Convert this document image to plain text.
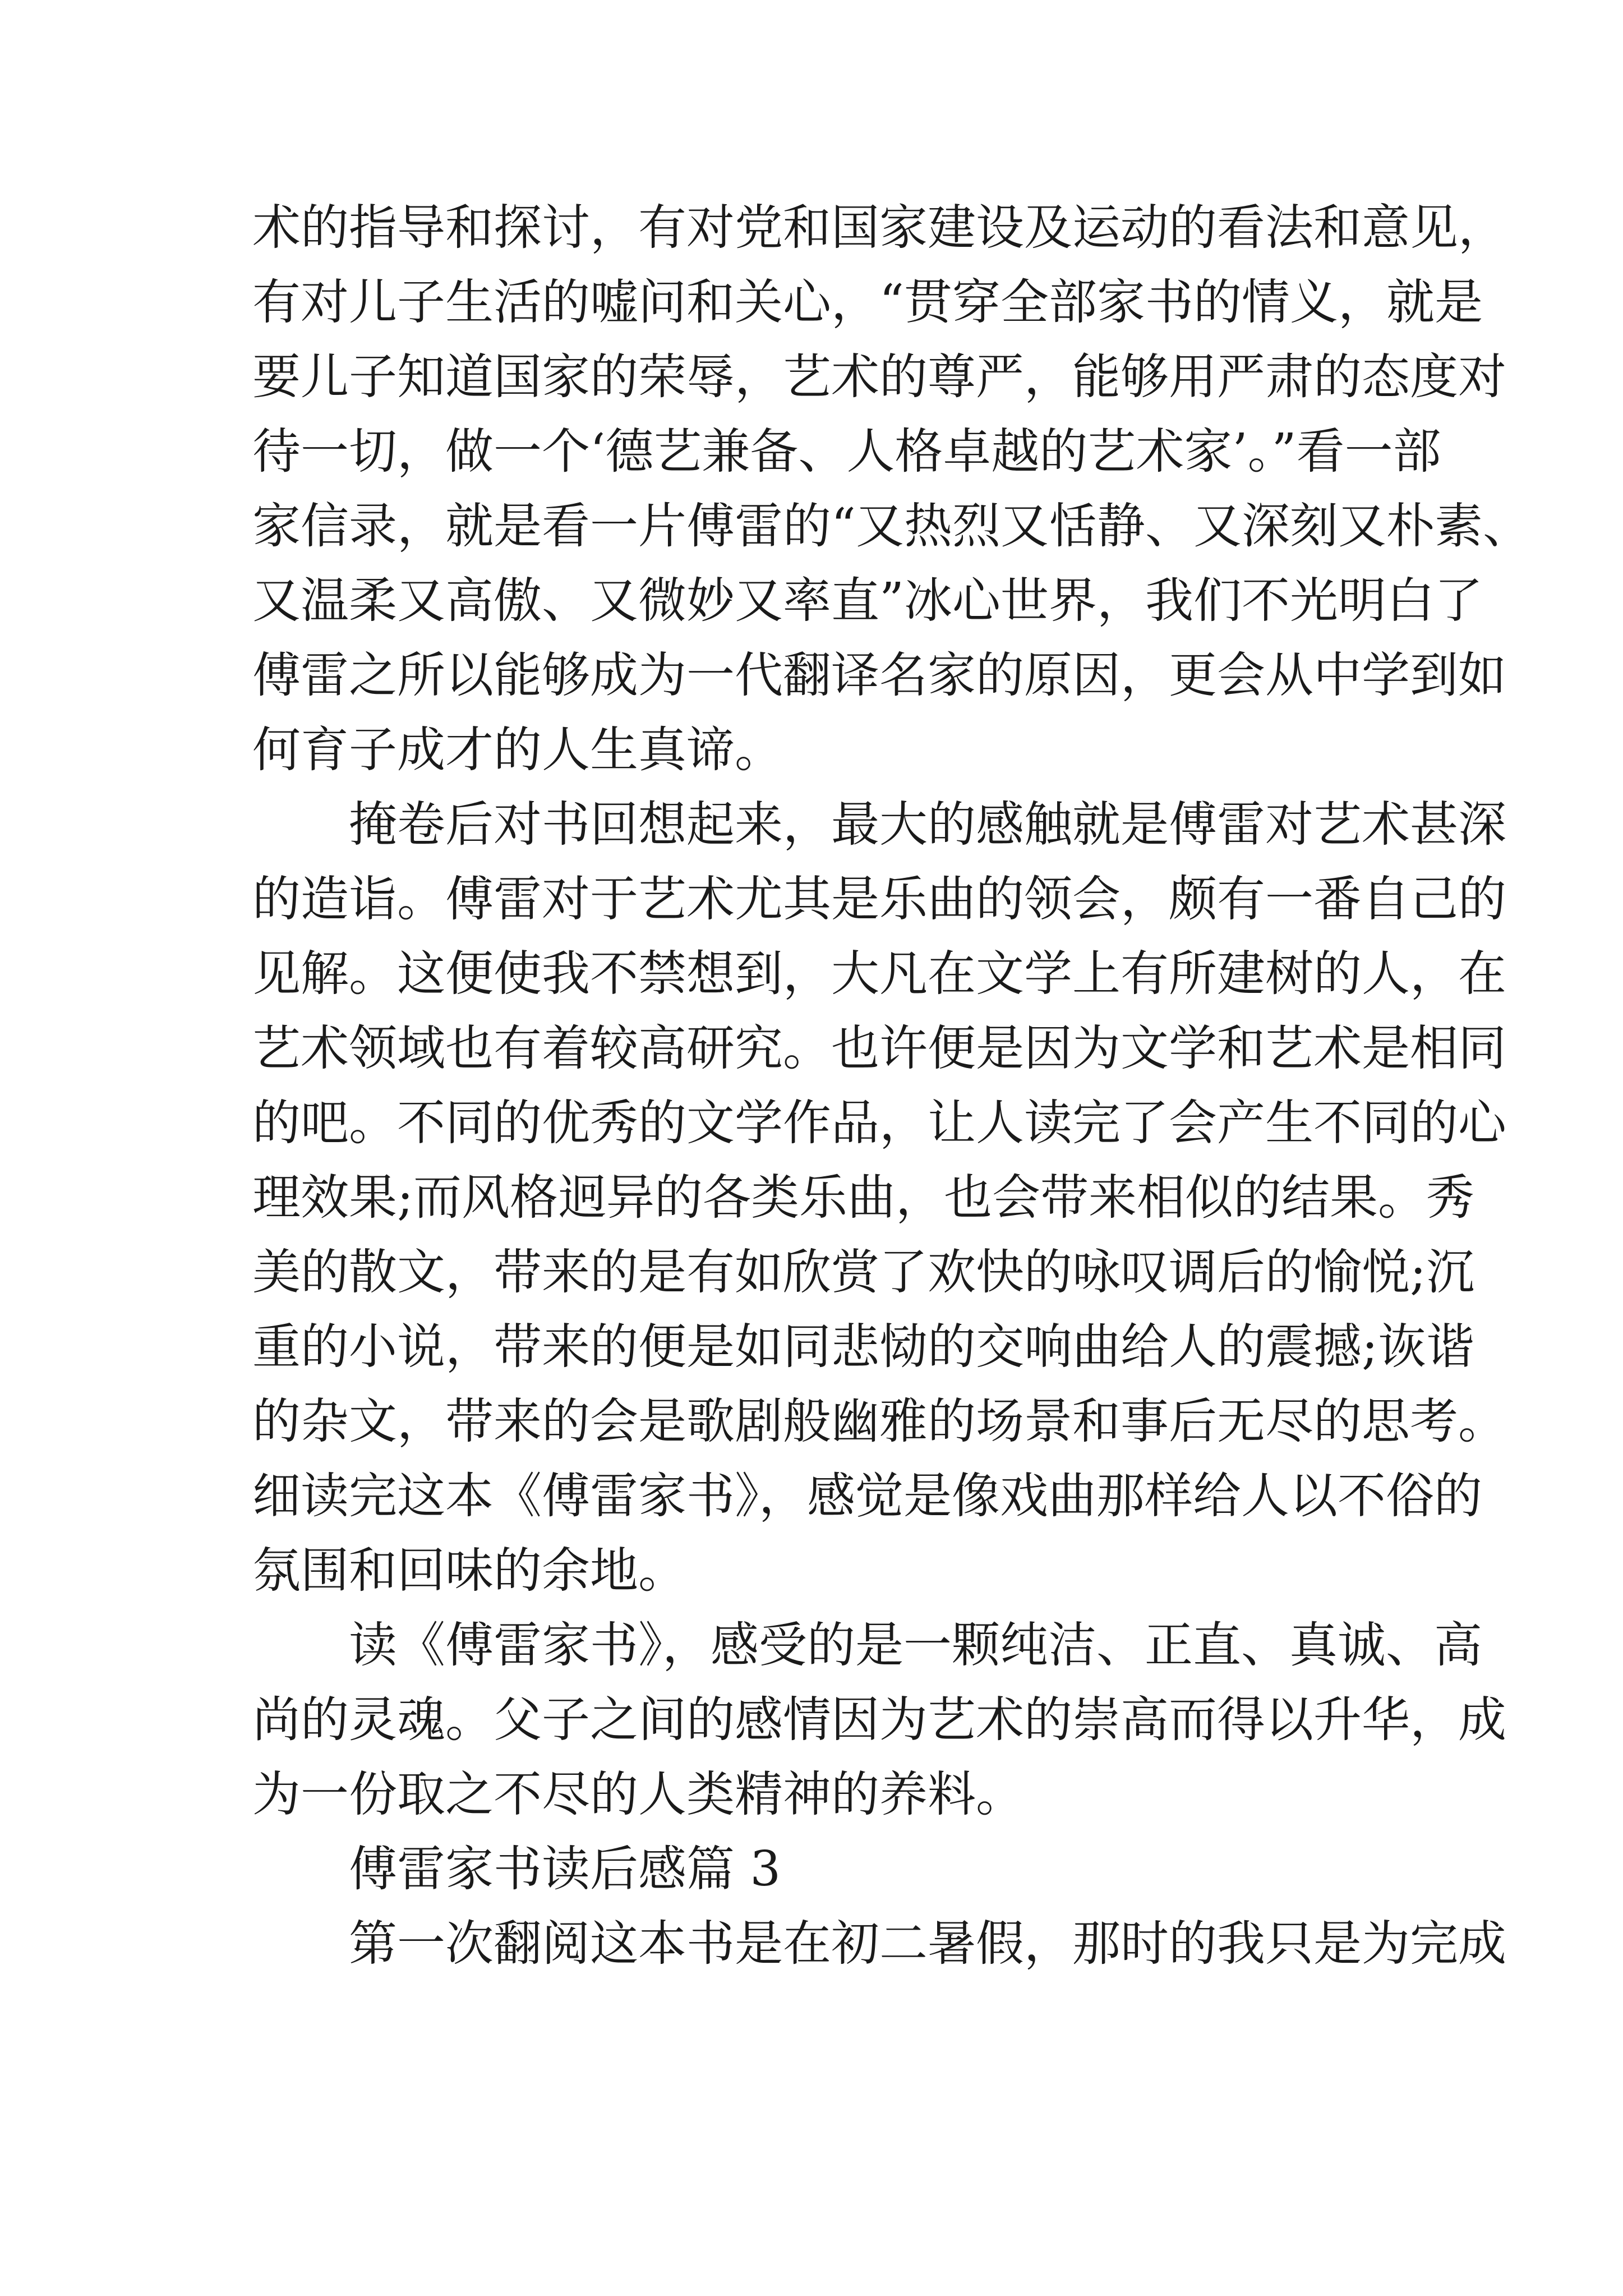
术的指导和探讨，有对党和国家建设及运动的看法和意见，
有对儿子生活的嘘问和关心，“贯穿全部家书的情义，就是
要儿子知道国家的荣辱，艺术的尊严，能够用严肃的态度对
待一切，做一个‘德艺兼备、人格卓越的艺术家’。”看一部
家信录，就是看一片傅雷的“又热烈又恬静、又深刻又朴素、
又温柔又高傲、又微妙又率直”冰心世界，我们不光明白了
傅雷之所以能够成为一代翻译名家的原因，更会从中学到如
何育子成才的人生真谛。
掩卷后对书回想起来，最大的感触就是傅雷对艺术甚深
的造诣。傅雷对于艺术尤其是乐曲的领会，颇有一番自己的
见解。这便使我不禁想到，大凡在文学上有所建树的人，在
艺术领域也有着较高研究。也许便是因为文学和艺术是相同
的吧。不同的优秀的文学作品，让人读完了会产生不同的心
理效果;而风格迥异的各类乐曲，也会带来相似的结果。秀
美的散文，带来的是有如欣赏了欢快的咏叹调后的愉悦;沉
重的小说，带来的便是如同悲恸的交响曲给人的震撼;诙谐
的杂文，带来的会是歌剧般幽雅的场景和事后无尽的思考。
细读完这本《傅雷家书》，感觉是像戏曲那样给人以不俗的
氛围和回味的余地。
读《傅雷家书》，感受的是一颗纯洁、正直、真诚、高
尚的灵魂。父子之间的感情因为艺术的崇高而得以升华，成
为一份取之不尽的人类精神的养料。
傅雷家书读后感篇 3
第一次翻阅这本书是在初二暑假，那时的我只是为完成
